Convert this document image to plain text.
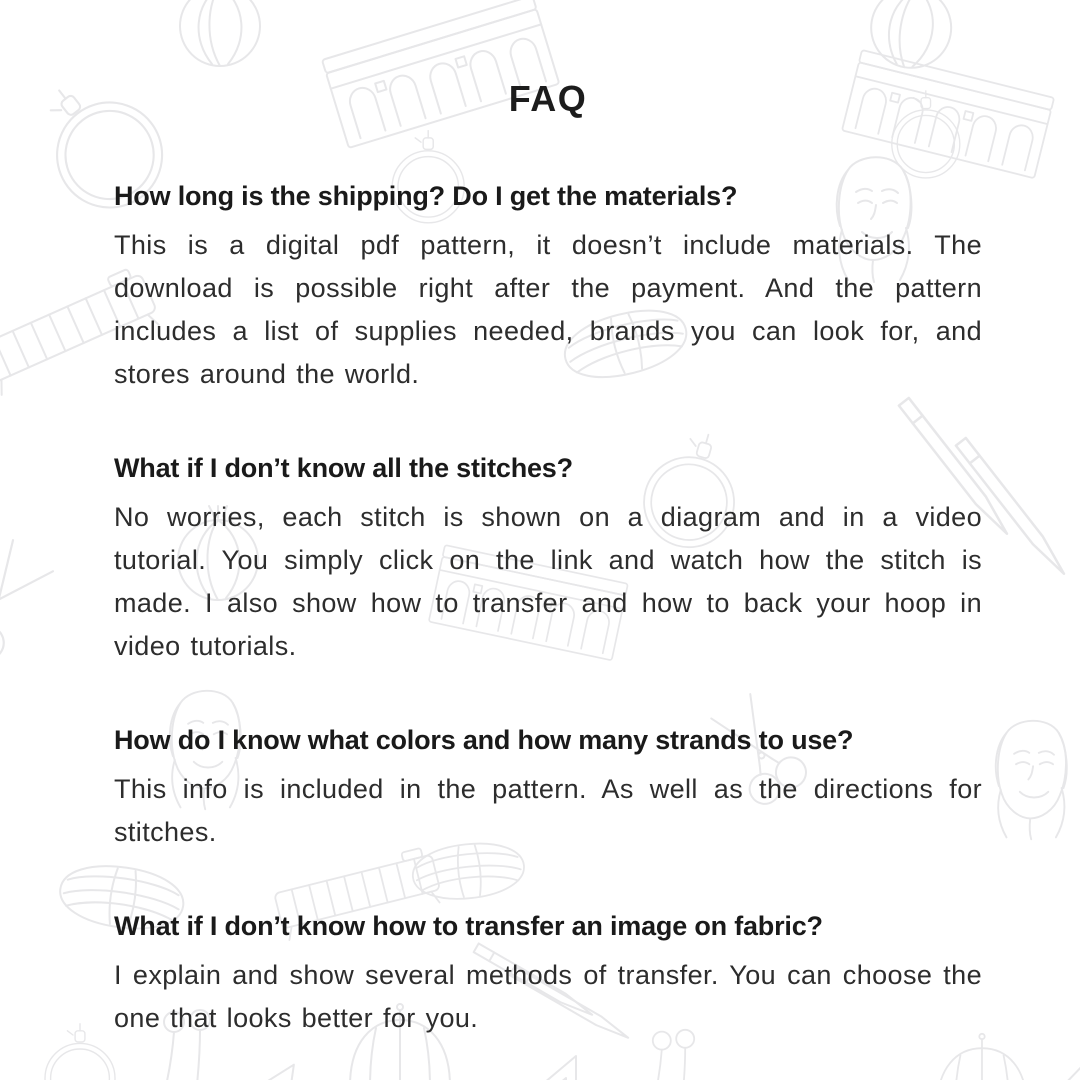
FAQ
How long is the shipping? Do I get the materials?

This is a digital pdf pattern, it doesn’t include materials. The download is possible right after the payment. And the pattern includes a list of supplies needed, brands you can look for, and stores around the world.

What if I don’t know all the stitches?

No worries, each stitch is shown on a diagram and in a video tutorial. You simply click on the link and watch how the stitch is made. I also show how to transfer and how to back your hoop in video tutorials.

How do I know what colors and how many strands to use?

This info is included in the pattern. As well as the directions for stitches.

What if I don’t know how to transfer an image on fabric?

I explain and show several methods of transfer. You can choose the one that looks better for you.
